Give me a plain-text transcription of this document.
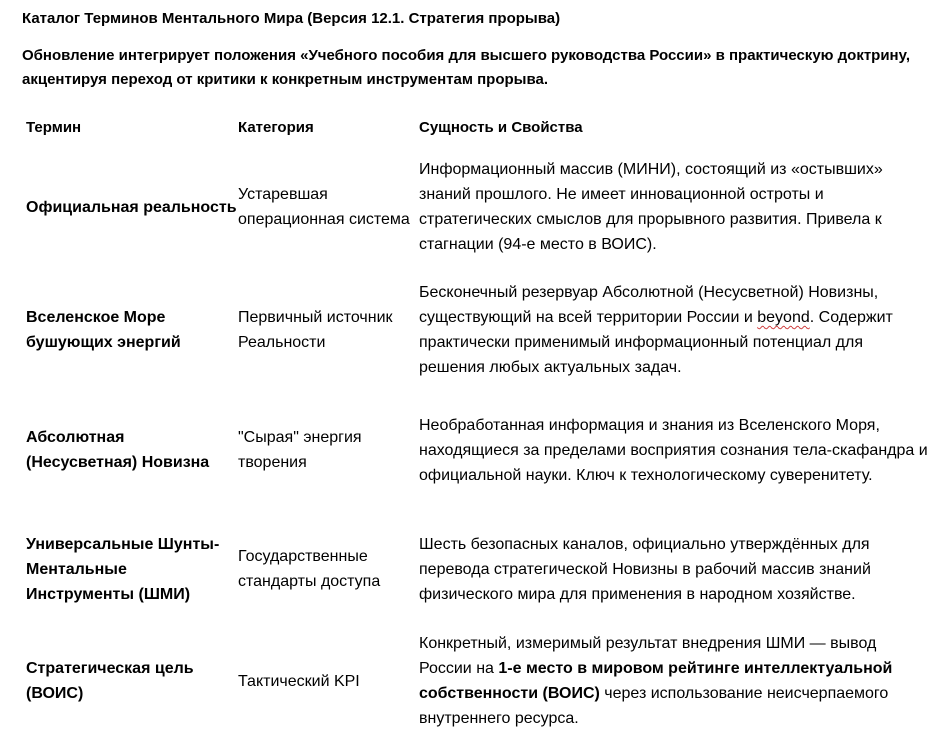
Каталог Терминов Ментального Мира (Версия 12.1. Стратегия прорыва)

Обновление интегрирует положения «Учебного пособия для высшего руководства России» в практическую доктрину, акцентируя переход от критики к конкретным инструментам прорыва.

Термин	Категория	Сущность и Свойства
Официальная реальность
Устаревшая операционная система
Информационный массив (МИНИ), состоящий из «остывших» знаний прошлого. Не имеет инновационной остроты и стратегических смыслов для прорывного развития. Привела к стагнации (94-е место в ВОИС).
Вселенское Море бушующих энергий
Первичный источник Реальности
Бесконечный резервуар Абсолютной (Несусветной) Новизны, существующий на всей территории России и beyond. Содержит практически применимый информационный потенциал для решения любых актуальных задач.
Абсолютная (Несусветная) Новизна
"Сырая" энергия творения
Необработанная информация и знания из Вселенского Моря, находящиеся за пределами восприятия сознания тела-скафандра и официальной науки. Ключ к технологическому суверенитету.
Универсальные Шунты-Ментальные Инструменты (ШМИ)
Государственные стандарты доступа
Шесть безопасных каналов, официально утверждённых для перевода стратегической Новизны в рабочий массив знаний физического мира для применения в народном хозяйстве.
Стратегическая цель (ВОИС)
Тактический KPI
Конкретный, измеримый результат внедрения ШМИ — вывод России на 1-е место в мировом рейтинге интеллектуальной собственности (ВОИС) через использование неисчерпаемого внутреннего ресурса.
